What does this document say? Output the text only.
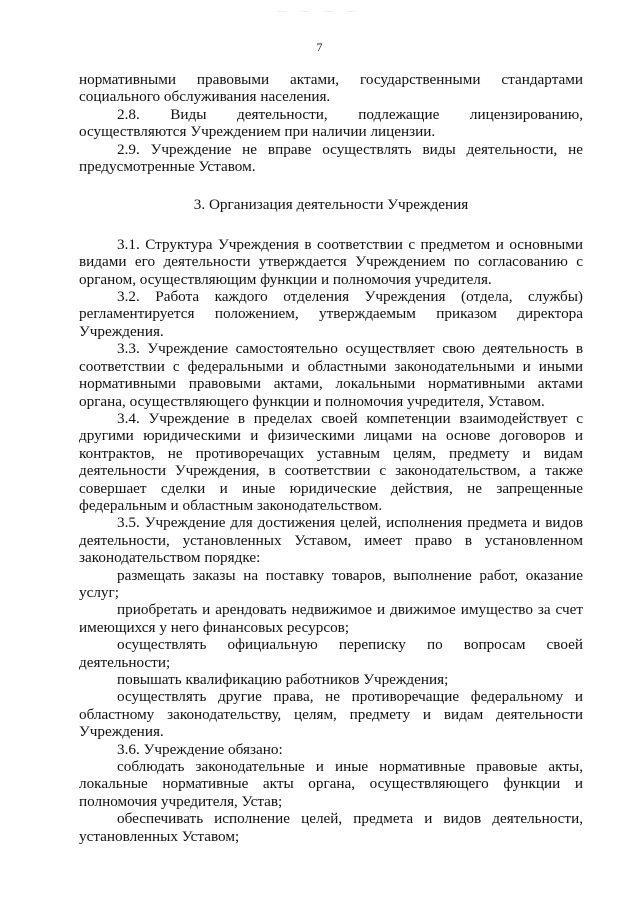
— — — —
7

нормативными правовыми актами, государственными стандартами социального обслуживания населения.

2.8. Виды деятельности, подлежащие лицензированию, осуществляются Учреждением при наличии лицензии.

2.9. Учреждение не вправе осуществлять виды деятельности, не предусмотренные Уставом.

3. Организация деятельности Учреждения

3.1. Структура Учреждения в соответствии с предметом и основными видами его деятельности утверждается Учреждением по согласованию с органом, осуществляющим функции и полномочия учредителя.

3.2. Работа каждого отделения Учреждения (отдела, службы) регламентируется положением, утверждаемым приказом директора Учреждения.

3.3. Учреждение самостоятельно осуществляет свою деятельность в соответствии с федеральными и областными законодательными и иными нормативными правовыми актами, локальными нормативными актами органа, осуществляющего функции и полномочия учредителя, Уставом.

3.4. Учреждение в пределах своей компетенции взаимодействует с другими юридическими и физическими лицами на основе договоров и контрактов, не противоречащих уставным целям, предмету и видам деятельности Учреждения, в соответствии с законодательством, а также совершает сделки и иные юридические действия, не запрещенные федеральным и областным законодательством.

3.5. Учреждение для достижения целей, исполнения предмета и видов деятельности, установленных Уставом, имеет право в установленном законодательством порядке:

размещать заказы на поставку товаров, выполнение работ, оказание услуг;

приобретать и арендовать недвижимое и движимое имущество за счет имеющихся у него финансовых ресурсов;

осуществлять официальную переписку по вопросам своей деятельности;

повышать квалификацию работников Учреждения;

осуществлять другие права, не противоречащие федеральному и областному законодательству, целям, предмету и видам деятельности Учреждения.

3.6. Учреждение обязано:

соблюдать законодательные и иные нормативные правовые акты, локальные нормативные акты органа, осуществляющего функции и полномочия учредителя, Устав;

обеспечивать исполнение целей, предмета и видов деятельности, установленных Уставом;
